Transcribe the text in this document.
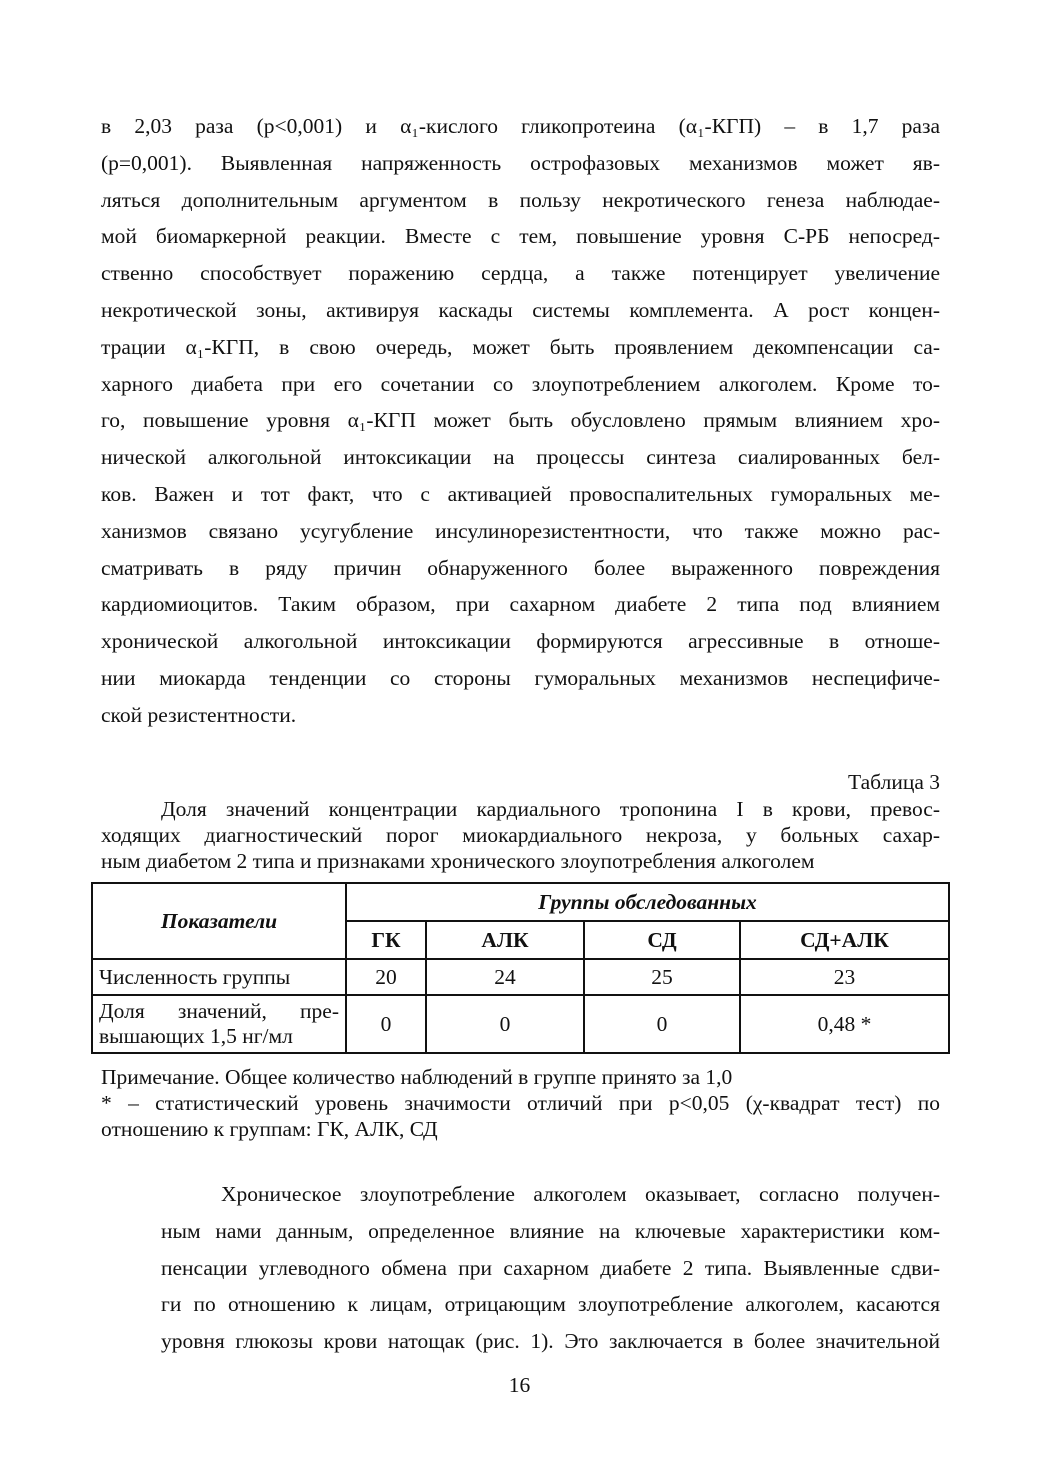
в 2,03 раза (p<0,001) и α₁-кислого гликопротеина (α₁-КГП) – в 1,7 раза
(p=0,001). Выявленная напряженность острофазовых механизмов может яв-
ляться дополнительным аргументом в пользу некротического генеза наблюдае-
мой биомаркерной реакции. Вместе с тем, повышение уровня C-РБ непосред-
ственно способствует поражению сердца, а также потенцирует увеличение
некротической зоны, активируя каскады системы комплемента. А рост концен-
трации α₁-КГП, в свою очередь, может быть проявлением декомпенсации са-
харного диабета при его сочетании со злоупотреблением алкоголем. Кроме то-
го, повышение уровня α₁-КГП может быть обусловлено прямым влиянием хро-
нической алкогольной интоксикации на процессы синтеза сиалированных бел-
ков. Важен и тот факт, что с активацией провоспалительных гуморальных ме-
ханизмов связано усугубление инсулинорезистентности, что также можно рас-
сматривать в ряду причин обнаруженного более выраженного повреждения
кардиомиоцитов. Таким образом, при сахарном диабете 2 типа под влиянием
хронической алкогольной интоксикации формируются агрессивные в отноше-
нии миокарда тенденции со стороны гуморальных механизмов неспецифиче-
ской резистентности.
Таблица 3
Доля значений концентрации кардиального тропонина I в крови, превос-
ходящих диагностический порог миокардиального некроза, у больных сахар-
ным диабетом 2 типа и признаками хронического злоупотребления алкоголем
Показатели	Группы обследованных			
	ГК	АЛК	СД	СД+АЛК
Численность группы	20	24	25	23
Доля значений, пре-вышающих 1,5 нг/мл	0	0	0	0,48 *
Примечание. Общее количество наблюдений в группе принято за 1,0
* – статистический уровень значимости отличий при p<0,05 (χ-квадрат тест) по
отношению к группам: ГК, АЛК, СД
Хроническое злоупотребление алкоголем оказывает, согласно получен-
ным нами данным, определенное влияние на ключевые характеристики ком-
пенсации углеводного обмена при сахарном диабете 2 типа. Выявленные сдви-
ги по отношению к лицам, отрицающим злоупотребление алкоголем, касаются
уровня глюкозы крови натощак (рис. 1). Это заключается в более значительной
16
